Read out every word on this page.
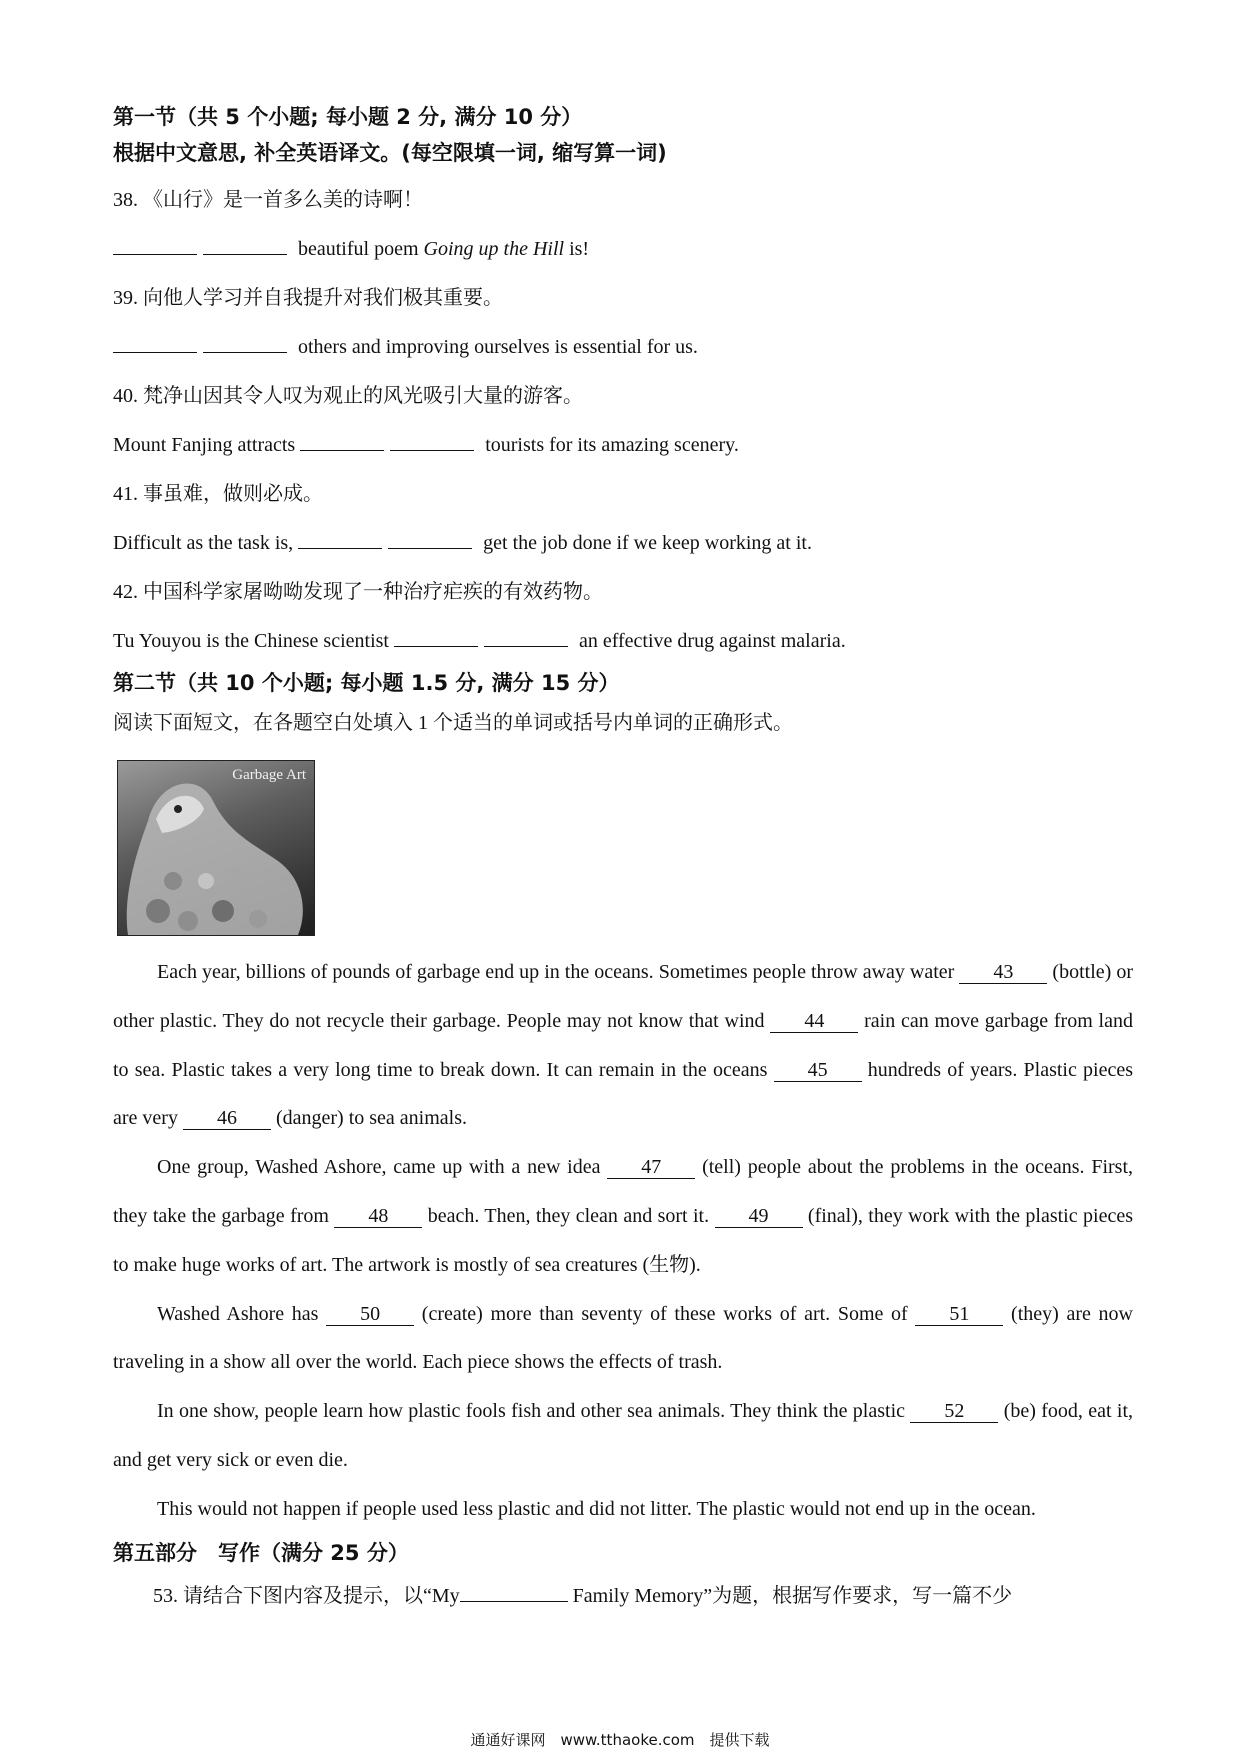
第一节（共 5 个小题; 每小题 2 分, 满分 10 分）
根据中文意思, 补全英语译文。(每空限填一词, 缩写算一词)
38. 《山行》是一首多么美的诗啊！
beautiful poem Going up the Hill is!
39. 向他人学习并自我提升对我们极其重要。
others and improving ourselves is essential for us.
40. 梵净山因其令人叹为观止的风光吸引大量的游客。
Mount Fanjing attracts	tourists for its amazing scenery.
41. 事虽难，做则必成。
Difficult as the task is,	get the job done if we keep working at it.
42. 中国科学家屠呦呦发现了一种治疗疟疾的有效药物。
Tu Youyou is the Chinese scientist	an effective drug against malaria.
第二节（共 10 个小题; 每小题 1.5 分, 满分 15 分）
阅读下面短文，在各题空白处填入 1 个适当的单词或括号内单词的正确形式。
Garbage Art

Each year, billions of pounds of garbage end up in the oceans. Sometimes people throw away water 43 (bottle) or other plastic. They do not recycle their garbage. People may not know that wind 44 rain can move garbage from land to sea. Plastic takes a very long time to break down. It can remain in the oceans 45 hundreds of years. Plastic pieces are very 46 (danger) to sea animals.

One group, Washed Ashore, came up with a new idea 47 (tell) people about the problems in the oceans. First, they take the garbage from 48 beach. Then, they clean and sort it. 49 (final), they work with the plastic pieces to make huge works of art. The artwork is mostly of sea creatures (生物).

Washed Ashore has 50 (create) more than seventy of these works of art. Some of 51 (they) are now traveling in a show all over the world. Each piece shows the effects of trash.

In one show, people learn how plastic fools fish and other sea animals. They think the plastic 52 (be) food, eat it, and get very sick or even die.

This would not happen if people used less plastic and did not litter. The plastic would not end up in the ocean.

第五部分　写作（满分 25 分）
53. 请结合下图内容及提示，以“My	Family Memory”为题，根据写作要求，写一篇不少
通通好课网　www.tthaoke.com　提供下载
